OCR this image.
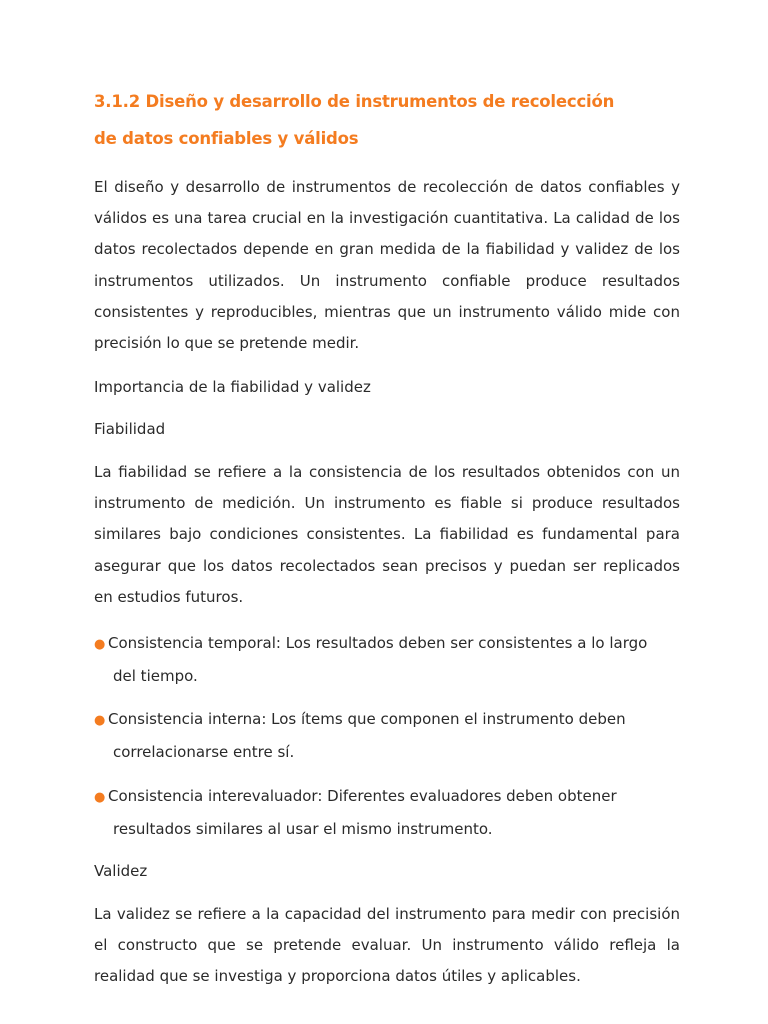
3.1.2 Diseño y desarrollo de instrumentos de recolección

de datos confiables y válidos

El diseño y desarrollo de instrumentos de recolección de datos confiables y válidos es una tarea crucial en la investigación cuantitativa. La calidad de los datos recolectados depende en gran medida de la fiabilidad y validez de los instrumentos utilizados. Un instrumento confiable produce resultados consistentes y reproducibles, mientras que un instrumento válido mide con precisión lo que se pretende medir.

Importancia de la fiabilidad y validez

Fiabilidad

La fiabilidad se refiere a la consistencia de los resultados obtenidos con un instrumento de medición. Un instrumento es fiable si produce resultados similares bajo condiciones consistentes. La fiabilidad es fundamental para asegurar que los datos recolectados sean precisos y puedan ser replicados en estudios futuros.

● Consistencia temporal: Los resultados deben ser consistentes a lo largo
del tiempo.
● Consistencia interna: Los ítems que componen el instrumento deben
correlacionarse entre sí.
● Consistencia interevaluador: Diferentes evaluadores deben obtener
resultados similares al usar el mismo instrumento.

Validez

La validez se refiere a la capacidad del instrumento para medir con precisión el constructo que se pretende evaluar. Un instrumento válido refleja la realidad que se investiga y proporciona datos útiles y aplicables.
